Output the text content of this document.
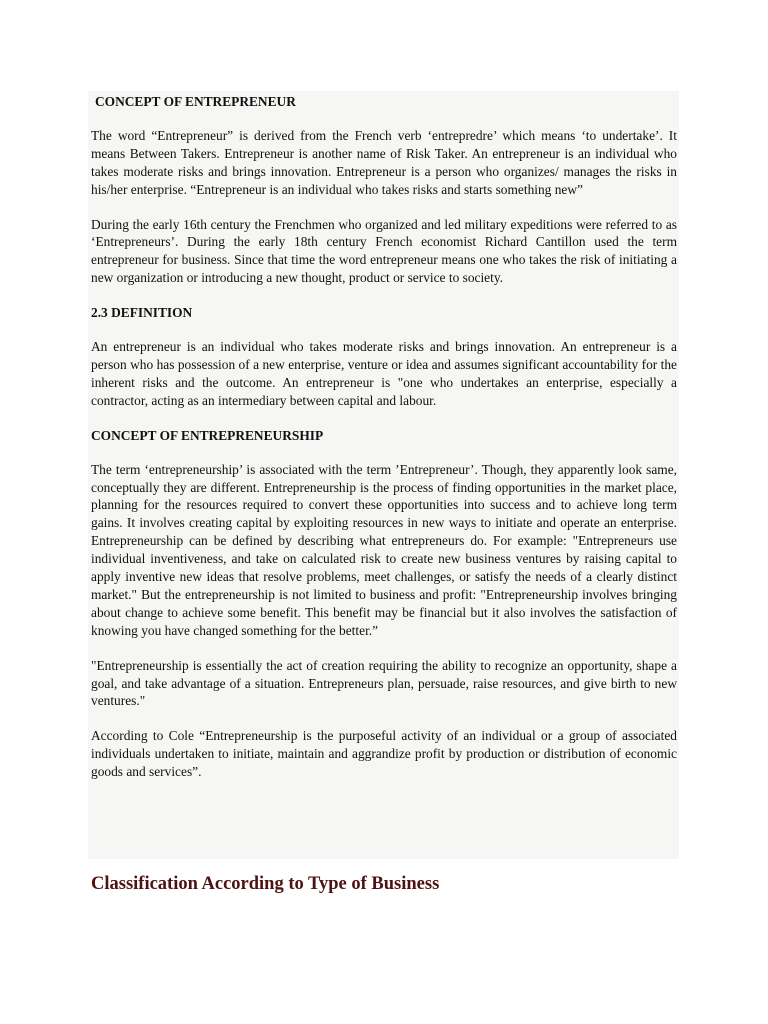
CONCEPT OF ENTREPRENEUR

The word “Entrepreneur” is derived from the French verb ‘entrepredre’ which means ‘to undertake’. It means Between Takers. Entrepreneur is another name of Risk Taker. An entrepreneur is an individual who takes moderate risks and brings innovation. Entrepreneur is a person who organizes/ manages the risks in his/her enterprise. “Entrepreneur is an individual who takes risks and starts something new”

During the early 16th century the Frenchmen who organized and led military expeditions were referred to as ‘Entrepreneurs’. During the early 18th century French economist Richard Cantillon used the term entrepreneur for business. Since that time the word entrepreneur means one who takes the risk of initiating a new organization or introducing a new thought, product or service to society.

2.3 DEFINITION

An entrepreneur is an individual who takes moderate risks and brings innovation. An entrepreneur is a person who has possession of a new enterprise, venture or idea and assumes significant accountability for the inherent risks and the outcome. An entrepreneur is "one who undertakes an enterprise, especially a contractor, acting as an intermediary between capital and labour.

CONCEPT OF ENTREPRENEURSHIP

The term ‘entrepreneurship’ is associated with the term ’Entrepreneur’. Though, they apparently look same, conceptually they are different. Entrepreneurship is the process of finding opportunities in the market place, planning for the resources required to convert these opportunities into success and to achieve long term gains. It involves creating capital by exploiting resources in new ways to initiate and operate an enterprise. Entrepreneurship can be defined by describing what entrepreneurs do. For example: "Entrepreneurs use individual inventiveness, and take on calculated risk to create new business ventures by raising capital to apply inventive new ideas that resolve problems, meet challenges, or satisfy the needs of a clearly distinct market." But the entrepreneurship is not limited to business and profit: "Entrepreneurship involves bringing about change to achieve some benefit. This benefit may be financial but it also involves the satisfaction of knowing you have changed something for the better.”

"Entrepreneurship is essentially the act of creation requiring the ability to recognize an opportunity, shape a goal, and take advantage of a situation. Entrepreneurs plan, persuade, raise resources, and give birth to new ventures."

According to Cole “Entrepreneurship is the purposeful activity of an individual or a group of associated individuals undertaken to initiate, maintain and aggrandize profit by production or distribution of economic goods and services”.

Classification According to Type of Business
